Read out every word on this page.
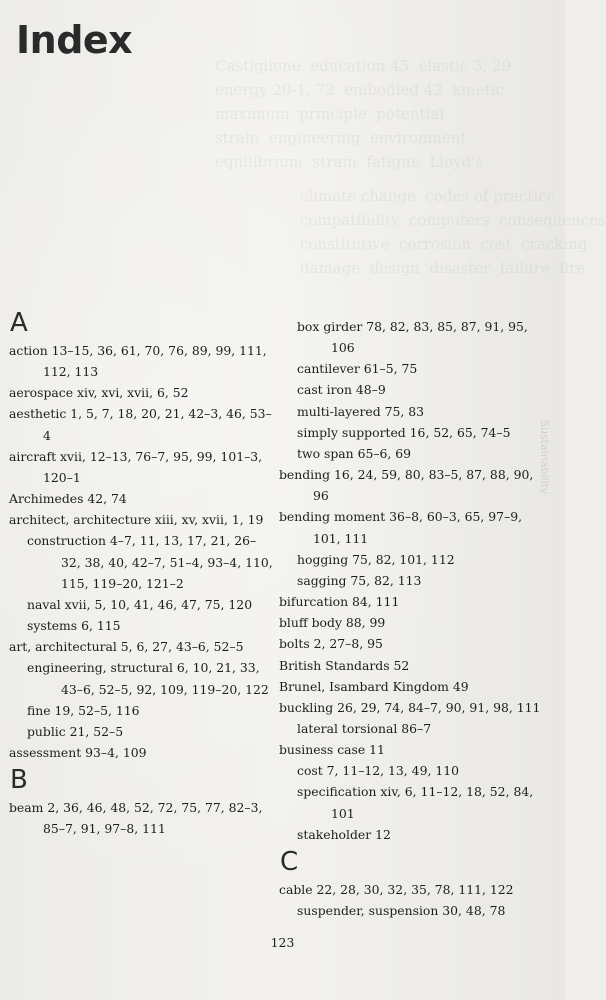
Castiglione  education 45  elastic 3, 29
energy 20-1, 72  embodied 42  kinetic
maximum  principle  potential
strain  engineering  environment
equilibrium  strain  fatigue  Lloyd's

climate change  codes of practice
compatibility  computers  consequences
constitutive  corrosion  cost  cracking
damage  design  disaster  failure  fire

Sustainability
Index
A
action 13–15, 36, 61, 70, 76, 89, 99, 111, 112, 113
aerospace xiv, xvi, xvii, 6, 52
aesthetic 1, 5, 7, 18, 20, 21, 42–3, 46, 53–4
aircraft xvii, 12–13, 76–7, 95, 99, 101–3, 120–1
Archimedes 42, 74
architect, architecture xiii, xv, xvii, 1, 19
construction 4–7, 11, 13, 17, 21, 26–32, 38, 40, 42–7, 51–4, 93–4, 110, 115, 119–20, 121–2
naval xvii, 5, 10, 41, 46, 47, 75, 120
systems 6, 115
art, architectural 5, 6, 27, 43–6, 52–5
engineering, structural 6, 10, 21, 33, 43–6, 52–5, 92, 109, 119–20, 122
fine 19, 52–5, 116
public 21, 52–5
assessment 93–4, 109
B
beam 2, 36, 46, 48, 52, 72, 75, 77, 82–3, 85–7, 91, 97–8, 111
box girder 78, 82, 83, 85, 87, 91, 95, 106
cantilever 61–5, 75
cast iron 48–9
multi-layered 75, 83
simply supported 16, 52, 65, 74–5
two span 65–6, 69
bending 16, 24, 59, 80, 83–5, 87, 88, 90, 96
bending moment 36–8, 60–3, 65, 97–9, 101, 111
hogging 75, 82, 101, 112
sagging 75, 82, 113
bifurcation 84, 111
bluff body 88, 99
bolts 2, 27–8, 95
British Standards 52
Brunel, Isambard Kingdom 49
buckling 26, 29, 74, 84–7, 90, 91, 98, 111
lateral torsional 86–7
business case 11
cost 7, 11–12, 13, 49, 110
specification xiv, 6, 11–12, 18, 52, 84, 101
stakeholder 12
C
cable 22, 28, 30, 32, 35, 78, 111, 122
suspender, suspension 30, 48, 78
123
